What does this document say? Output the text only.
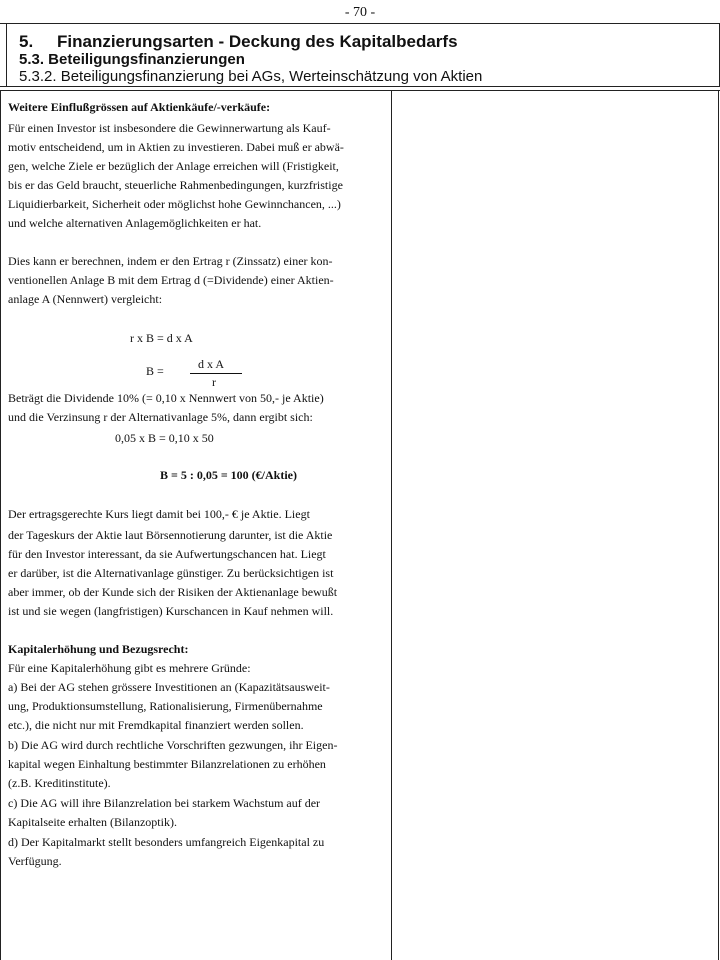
- 70 -
5. Finanzierungsarten - Deckung des Kapitalbedarfs
5.3. Beteiligungsfinanzierungen
5.3.2. Beteiligungsfinanzierung bei AGs, Werteinschätzung von Aktien
Weitere Einflußgrössen auf Aktienkäufe/-verkäufe:
Für einen Investor ist insbesondere die Gewinnerwartung als Kauf-
motiv entscheidend, um in Aktien zu investieren. Dabei muß er abwä-
gen, welche Ziele er bezüglich der Anlage erreichen will (Fristigkeit,
bis er das Geld braucht, steuerliche Rahmenbedingungen, kurzfristige
Liquidierbarkeit, Sicherheit oder möglichst hohe Gewinnchancen, ...)
und welche alternativen Anlagemöglichkeiten er hat.
Dies kann er berechnen, indem er den Ertrag r (Zinssatz) einer kon-
ventionellen Anlage B mit dem Ertrag d (=Dividende) einer Aktien-
anlage A (Nennwert) vergleicht:
r x B = d x A
B =	d x A
r
Beträgt die Dividende 10% (= 0,10 x Nennwert von 50,- je Aktie)
und die Verzinsung r der Alternativanlage 5%, dann ergibt sich:
0,05 x B = 0,10 x 50
B = 5 : 0,05 = 100 (€/Aktie)
Der ertragsgerechte Kurs liegt damit bei 100,- € je Aktie. Liegt
der Tageskurs der Aktie laut Börsennotierung darunter, ist die Aktie
für den Investor interessant, da sie Aufwertungschancen hat. Liegt
er darüber, ist die Alternativanlage günstiger. Zu berücksichtigen ist
aber immer, ob der Kunde sich der Risiken der Aktienanlage bewußt
ist und sie wegen (langfristigen) Kurschancen in Kauf nehmen will.
Kapitalerhöhung und Bezugsrecht:
Für eine Kapitalerhöhung gibt es mehrere Gründe:
a) Bei der AG stehen grössere Investitionen an (Kapazitätsausweit-
ung, Produktionsumstellung, Rationalisierung, Firmenübernahme
etc.), die nicht nur mit Fremdkapital finanziert werden sollen.
b) Die AG wird durch rechtliche Vorschriften gezwungen, ihr Eigen-
kapital wegen Einhaltung bestimmter Bilanzrelationen zu erhöhen
(z.B. Kreditinstitute).
c) Die AG will ihre Bilanzrelation bei starkem Wachstum auf der
Kapitalseite erhalten (Bilanzoptik).
d) Der Kapitalmarkt stellt besonders umfangreich Eigenkapital zu
Verfügung.
